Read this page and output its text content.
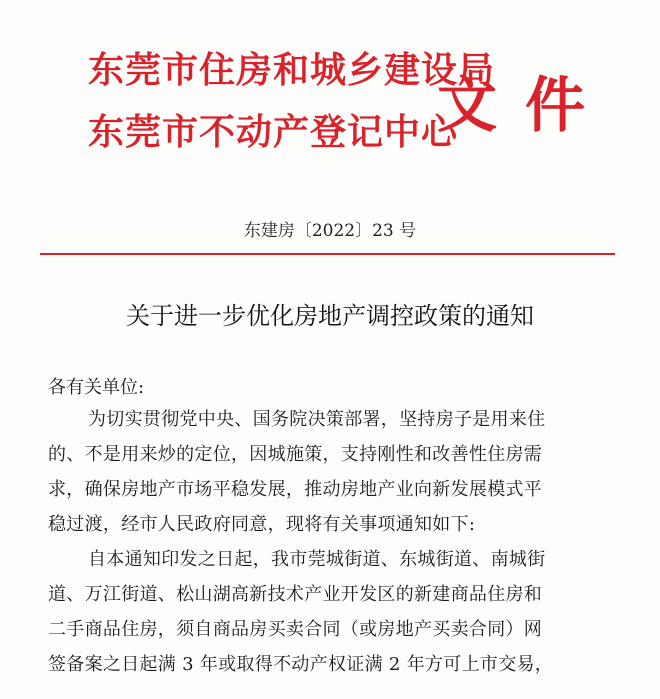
东莞市住房和城乡建设局
东莞市不动产登记中心
文件
东建房〔2022〕23 号
关于进一步优化房地产调控政策的通知
各有关单位:
为切实贯彻党中央、国务院决策部署，坚持房子是用来住
的、不是用来炒的定位，因城施策，支持刚性和改善性住房需
求，确保房地产市场平稳发展，推动房地产业向新发展模式平
稳过渡，经市人民政府同意，现将有关事项通知如下:
自本通知印发之日起，我市莞城街道、东城街道、南城街
道、万江街道、松山湖高新技术产业开发区的新建商品住房和
二手商品住房，须自商品房买卖合同（或房地产买卖合同）网
签备案之日起满 3 年或取得不动产权证满 2 年方可上市交易，
